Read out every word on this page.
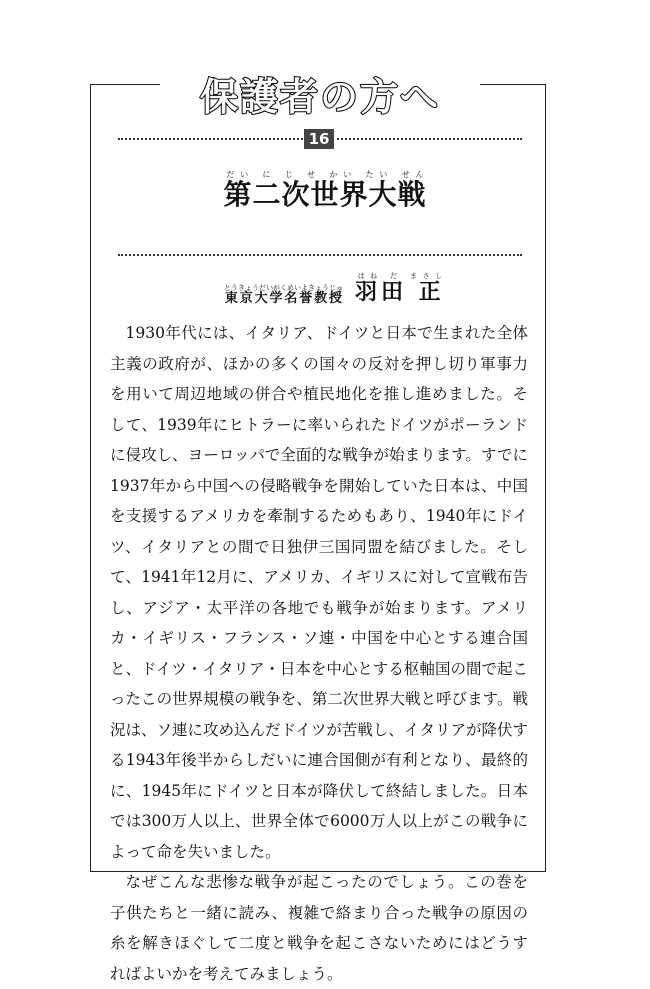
保護者の方へ
16
第二次世界大戦だい に じ せ かい たい せん
東京大学名誉教授とうきょうだいがくめいよきょうじゅ 羽田 正はね だ まさし

1930年代には、イタリア、ドイツと日本で生まれた全体主義の政府が、ほかの多くの国々の反対を押し切り軍事力を用いて周辺地域の併合や植民地化を推し進めました。そして、1939年にヒトラーに率いられたドイツがポーランドに侵攻し、ヨーロッパで全面的な戦争が始まります。すでに1937年から中国への侵略戦争を開始していた日本は、中国を支援するアメリカを牽制するためもあり、1940年にドイツ、イタリアとの間で日独伊三国同盟を結びました。そして、1941年12月に、アメリカ、イギリスに対して宣戦布告し、アジア・太平洋の各地でも戦争が始まります。アメリカ・イギリス・フランス・ソ連・中国を中心とする連合国と、ドイツ・イタリア・日本を中心とする枢軸国の間で起こったこの世界規模の戦争を、第二次世界大戦と呼びます。戦況は、ソ連に攻め込んだドイツが苦戦し、イタリアが降伏する1943年後半からしだいに連合国側が有利となり、最終的に、1945年にドイツと日本が降伏して終結しました。日本では300万人以上、世界全体で6000万人以上がこの戦争によって命を失いました。

なぜこんな悲惨な戦争が起こったのでしょう。この巻を子供たちと一緒に読み、複雑で絡まり合った戦争の原因の糸を解きほぐして二度と戦争を起こさないためにはどうすればよいかを考えてみましょう。
